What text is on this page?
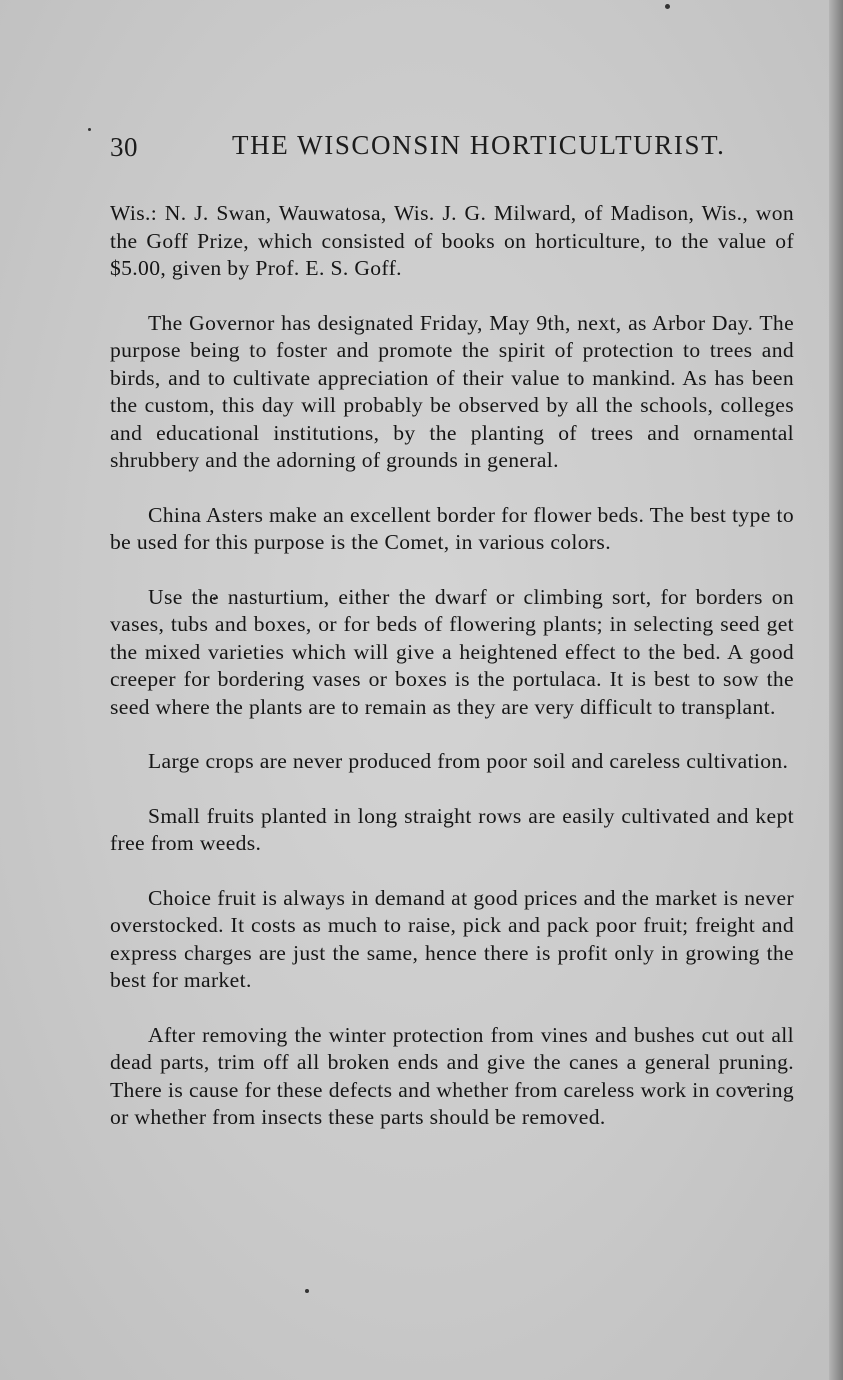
30	THE WISCONSIN HORTICULTURIST.

Wis.: N. J. Swan, Wauwatosa, Wis. J. G. Milward, of Madison, Wis., won the Goff Prize, which consisted of books on horticulture, to the value of $5.00, given by Prof. E. S. Goff.

The Governor has designated Friday, May 9th, next, as Arbor Day. The purpose being to foster and promote the spirit of protection to trees and birds, and to cultivate appreciation of their value to mankind. As has been the custom, this day will probably be observed by all the schools, colleges and educational institutions, by the planting of trees and ornamental shrubbery and the adorning of grounds in general.

China Asters make an excellent border for flower beds. The best type to be used for this purpose is the Comet, in various colors.

Use the nasturtium, either the dwarf or climbing sort, for borders on vases, tubs and boxes, or for beds of flowering plants; in selecting seed get the mixed varieties which will give a heightened effect to the bed. A good creeper for bordering vases or boxes is the portulaca. It is best to sow the seed where the plants are to remain as they are very difficult to transplant.

Large crops are never produced from poor soil and careless cultivation.

Small fruits planted in long straight rows are easily cultivated and kept free from weeds.

Choice fruit is always in demand at good prices and the market is never overstocked. It costs as much to raise, pick and pack poor fruit; freight and express charges are just the same, hence there is profit only in growing the best for market.

After removing the winter protection from vines and bushes cut out all dead parts, trim off all broken ends and give the canes a general pruning. There is cause for these defects and whether from careless work in covering or whether from insects these parts should be removed.
